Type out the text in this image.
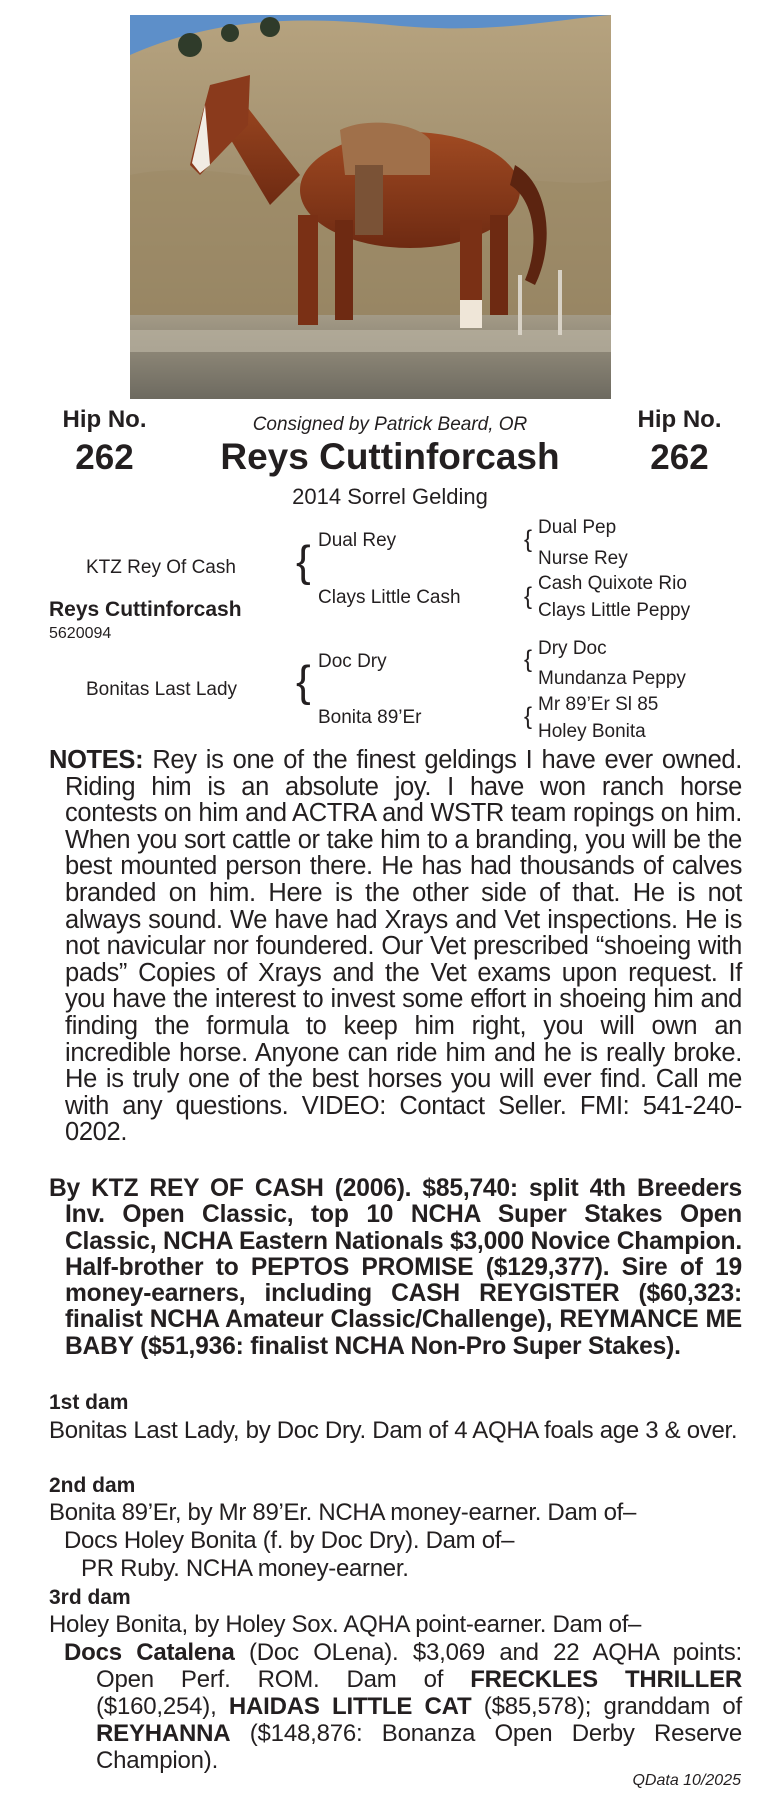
Hip No.
262
Hip No.
262
Consigned by Patrick Beard, OR
Reys Cuttinforcash
2014 Sorrel Gelding
KTZ Rey Of Cash
Reys Cuttinforcash
5620094
Bonitas Last Lady
{
{
Dual Rey
Clays Little Cash
Doc Dry
Bonita 89’Er
{
{
{
{
Dual Pep
Nurse Rey
Cash Quixote Rio
Clays Little Peppy
Dry Doc
Mundanza Peppy
Mr 89’Er Sl 85
Holey Bonita
NOTES: Rey is one of the finest geldings I have ever owned. Riding him is an absolute joy. I have won ranch horse contests on him and ACTRA and WSTR team ropings on him. When you sort cattle or take him to a branding, you will be the best mounted person there. He has had thousands of calves branded on him. Here is the other side of that. He is not always sound. We have had Xrays and Vet inspections. He is not navicular nor foundered. Our Vet prescribed “shoeing with pads” Copies of Xrays and the Vet exams upon request. If you have the interest to invest some effort in shoeing him and finding the formula to keep him right, you will own an incredible horse. Anyone can ride him and he is really broke. He is truly one of the best horses you will ever find. Call me with any questions. VIDEO: Contact Seller. FMI: 541-240-0202.
By KTZ REY OF CASH (2006). $85,740: split 4th Breeders Inv. Open Classic, top 10 NCHA Super Stakes Open Classic, NCHA Eastern Nationals $3,000 Novice Champion. Half-brother to PEPTOS PROMISE ($129,377). Sire of 19 money-earners, including CASH REYGISTER ($60,323: finalist NCHA Amateur Classic/Challenge), REYMANCE ME BABY ($51,936: finalist NCHA Non-Pro Super Stakes).
1st dam
Bonitas Last Lady, by Doc Dry. Dam of 4 AQHA foals age 3 & over.
2nd dam
Bonita 89’Er, by Mr 89’Er. NCHA money-earner. Dam of–
Docs Holey Bonita (f. by Doc Dry). Dam of–
PR Ruby. NCHA money-earner.
3rd dam
Holey Bonita, by Holey Sox. AQHA point-earner. Dam of–
Docs Catalena (Doc OLena). $3,069 and 22 AQHA points: Open Perf. ROM. Dam of FRECKLES THRILLER ($160,254), HAIDAS LITTLE CAT ($85,578); granddam of REYHANNA ($148,876: Bonanza Open Derby Reserve Champion).
QData 10/2025
